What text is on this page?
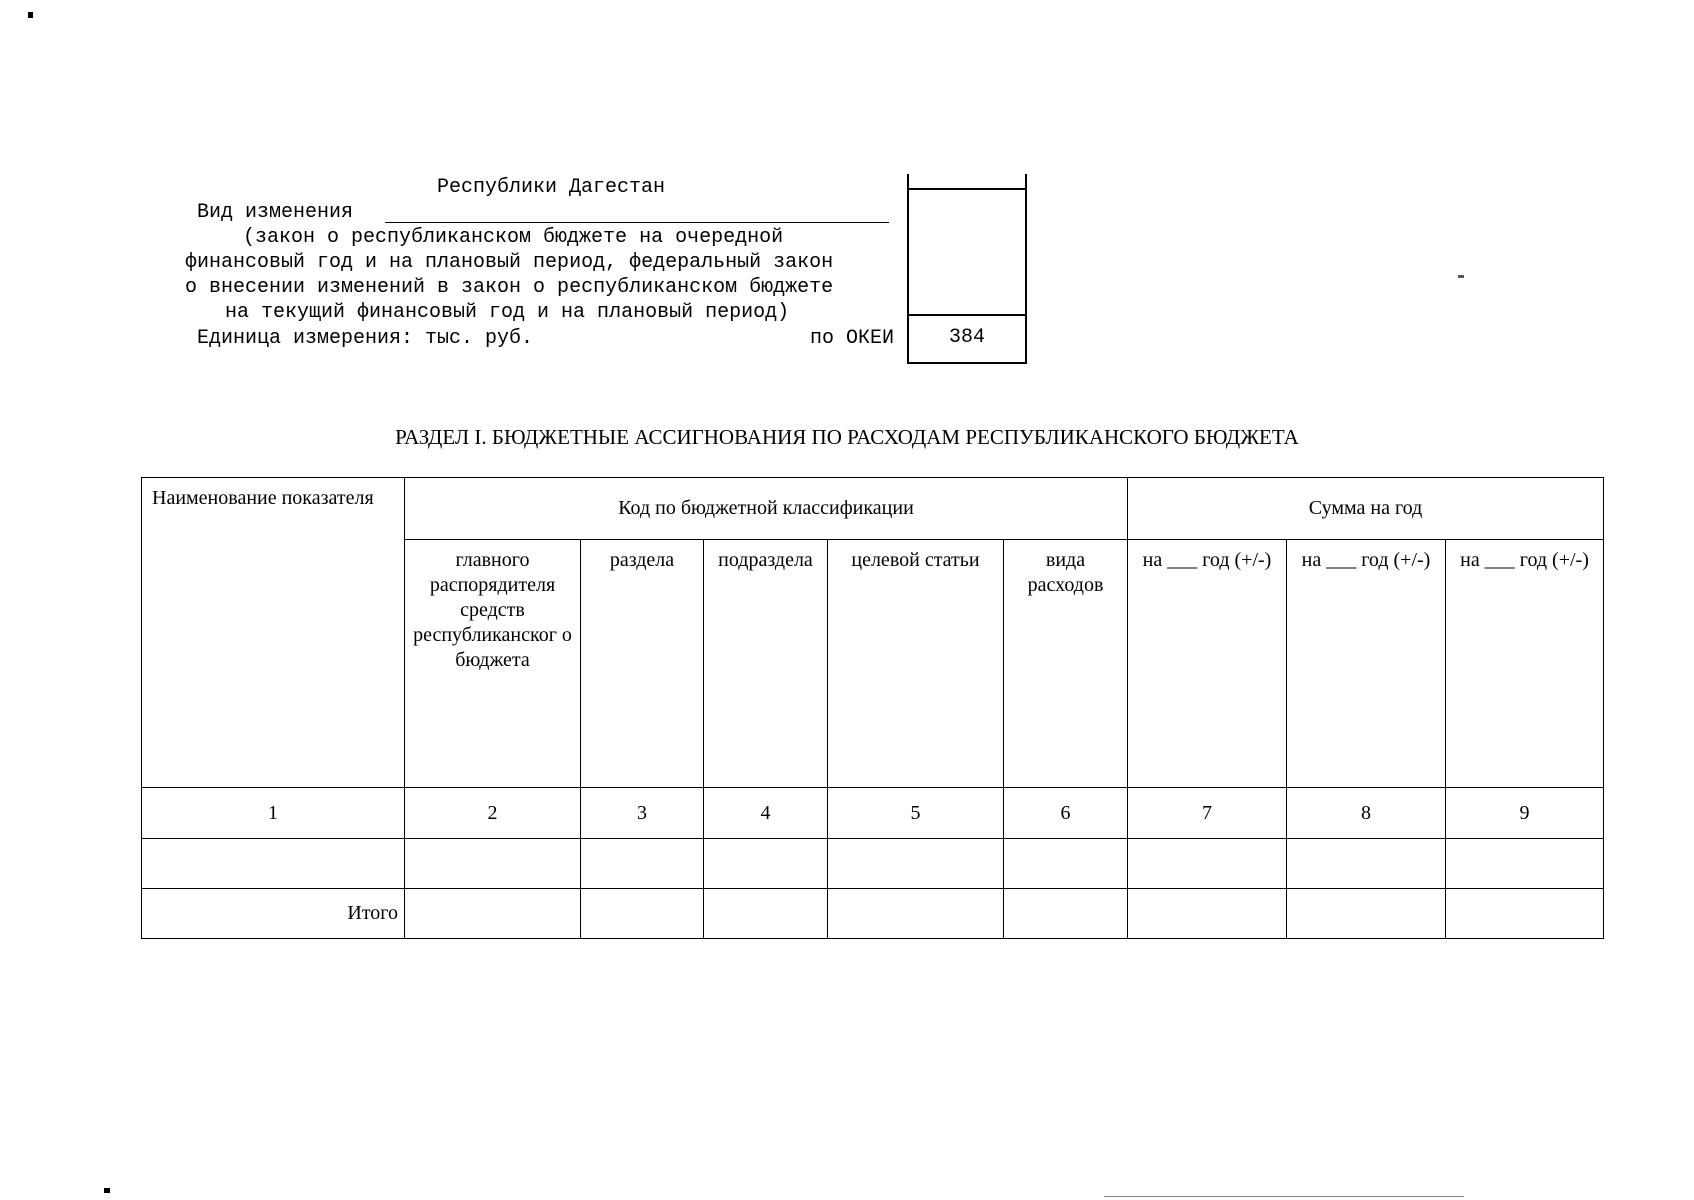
Республики Дагестан
Вид изменения
(закон о республиканском бюджете на очередной
финансовый год и на плановый период, федеральный закон
о внесении изменений в закон о республиканском бюджете
на текущий финансовый год и на плановый период)
Единица измерения: тыс. руб.	по ОКЕИ	384
РАЗДЕЛ I. БЮДЖЕТНЫЕ АССИГНОВАНИЯ ПО РАСХОДАМ РЕСПУБЛИКАНСКОГО БЮДЖЕТА
Наименование показателя	Код по бюджетной классификации					Сумма на год		
	главного распорядителя средств республиканског о бюджета	раздела	подраздела	целевой статьи	вида расходов	на ___ год (+/-)	на ___ год (+/-)	на ___ год (+/-)
1	2	3	4	5	6	7	8	9

Итого								
